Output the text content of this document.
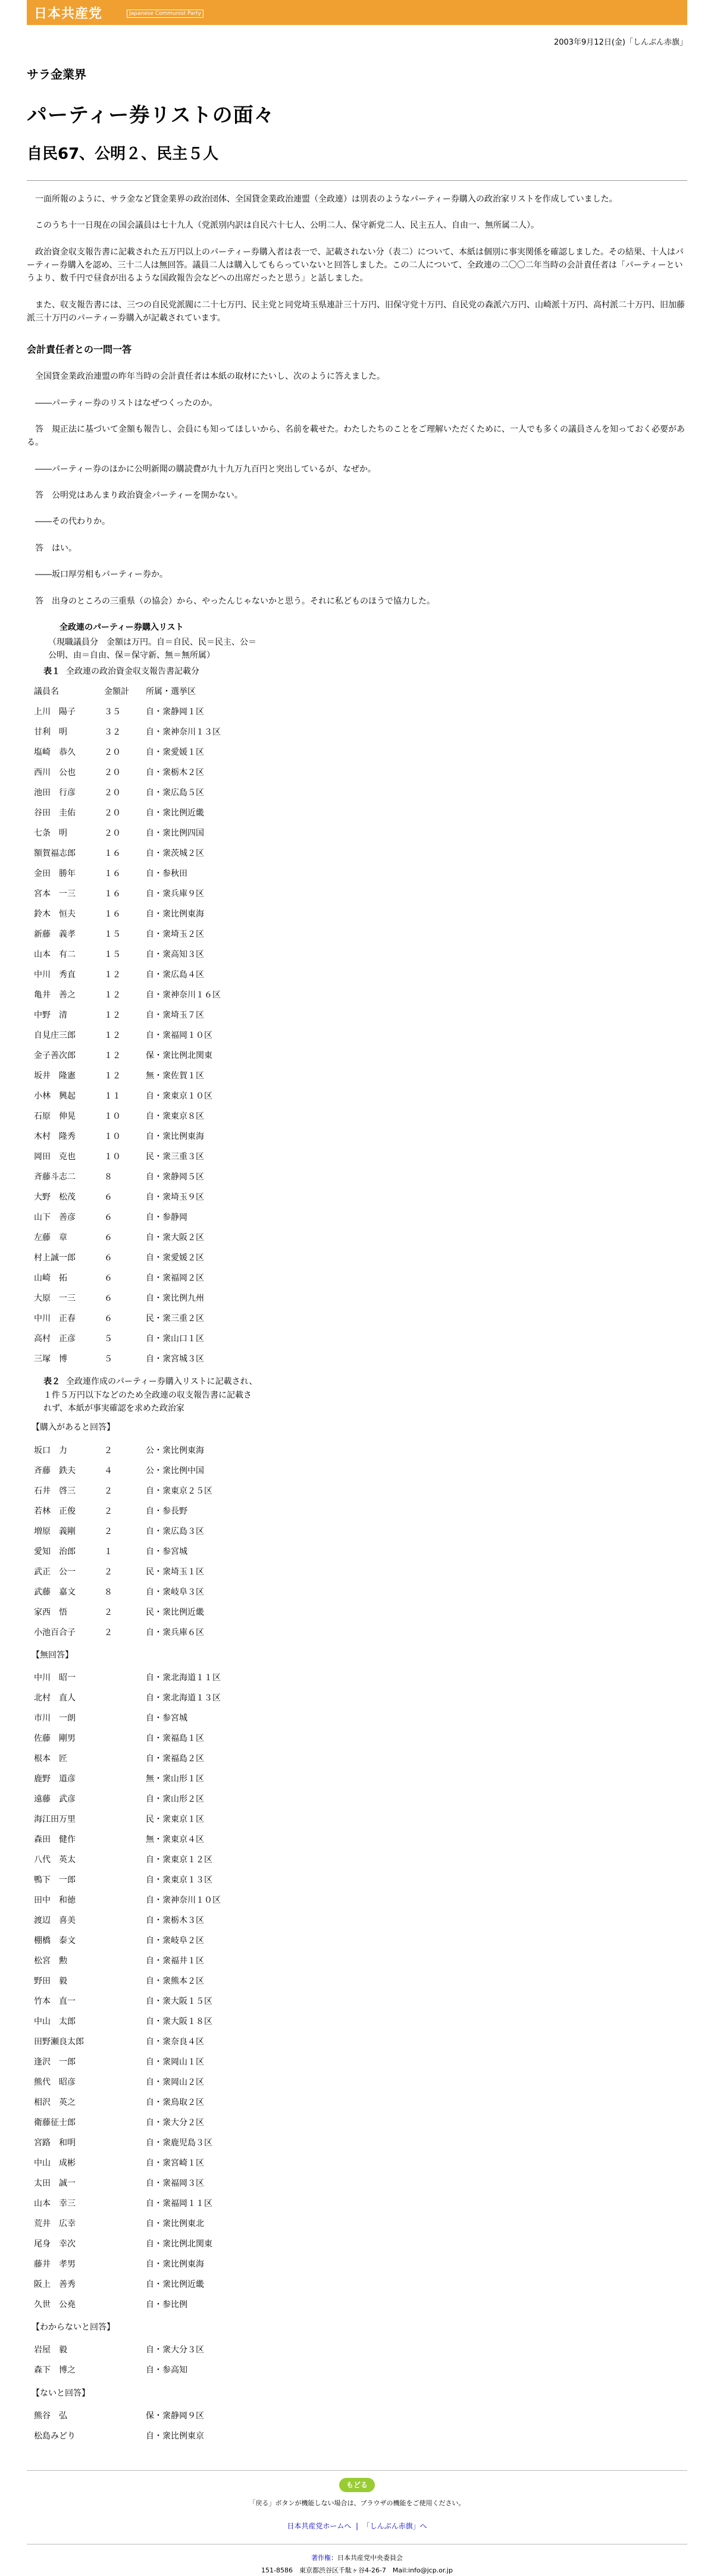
日本共産党	Japanese Communist Party
2003年9月12日(金)「しんぶん赤旗」
サラ金業界
パーティー券リストの面々
自民67、公明２、民主５人

一面所報のように、サラ金など貸金業界の政治団体、全国貸金業政治連盟（全政連）は別表のようなパーティー券購入の政治家リストを作成していました。

このうち十一日現在の国会議員は七十九人（党派別内訳は自民六十七人、公明二人、保守新党二人、民主五人、自由一、無所属二人）。

政治資金収支報告書に記載された五万円以上のパーティー券購入者は表一で、記載されない分（表二）について、本紙は個別に事実関係を確認しました。その結果、十人はパーティー券購入を認め、三十二人は無回答。議員二人は購入してもらっていないと回答しました。この二人について、全政連の二〇〇二年当時の会計責任者は「パーティーというより、数千円で昼食が出るような国政報告会などへの出席だったと思う」と話しました。

また、収支報告書には、三つの自民党派閥に二十七万円、民主党と同党埼玉県連計三十万円、旧保守党十万円、自民党の森派六万円、山崎派十万円、高村派二十万円、旧加藤派三十万円のパーティー券購入が記載されています。

会計責任者との一問一答

全国貸金業政治連盟の昨年当時の会計責任者は本紙の取材にたいし、次のように答えました。

――パーティー券のリストはなぜつくったのか。

答　規正法に基づいて金額も報告し、会員にも知ってほしいから、名前を載せた。わたしたちのことをご理解いただくために、一人でも多くの議員さんを知っておく必要がある。

――パーティー券のほかに公明新聞の購読費が九十九万九百円と突出しているが、なぜか。

答　公明党はあんまり政治資金パーティーを開かない。

――その代わりか。

答　はい。

――坂口厚労相もパーティー券か。

答　出身のところの三重県（の協会）から、やったんじゃないかと思う。それに私どものほうで協力した。

全政連のパーティー券購入リスト
（現職議員分　金額は万円。自＝自民、民＝民主、公＝公明、由＝自由、保＝保守新、無＝無所属）
表１ 全政連の政治資金収支報告書記載分
議員名	金額計	所属・選挙区
上川　陽子	３５	自・衆静岡１区
甘利　明	３２	自・衆神奈川１３区
塩崎　恭久	２０	自・衆愛媛１区
西川　公也	２０	自・衆栃木２区
池田　行彦	２０	自・衆広島５区
谷田　圭佑	２０	自・衆比例近畿
七条　明	２０	自・衆比例四国
額賀福志郎	１６	自・衆茨城２区
金田　勝年	１６	自・参秋田
宮本　一三	１６	自・衆兵庫９区
鈴木　恒夫	１６	自・衆比例東海
新藤　義孝	１５	自・衆埼玉２区
山本　有二	１５	自・衆高知３区
中川　秀直	１２	自・衆広島４区
亀井　善之	１２	自・衆神奈川１６区
中野　清	１２	自・衆埼玉７区
自見庄三郎	１２	自・衆福岡１０区
金子善次郎	１２	保・衆比例北関東
坂井　隆憲	１２	無・衆佐賀１区
小林　興起	１１	自・衆東京１０区
石原　伸晃	１０	自・衆東京８区
木村　隆秀	１０	自・衆比例東海
岡田　克也	１０	民・衆三重３区
斉藤斗志二	８	自・衆静岡５区
大野　松茂	６	自・衆埼玉９区
山下　善彦	６	自・参静岡
左藤　章	６	自・衆大阪２区
村上誠一郎	６	自・衆愛媛２区
山崎　拓	６	自・衆福岡２区
大原　一三	６	自・衆比例九州
中川　正春	６	民・衆三重２区
高村　正彦	５	自・衆山口１区
三塚　博	５	自・衆宮城３区
表２ 全政連作成のパーティー券購入リストに記載され、１件５万円以下などのため全政連の収支報告書に記載されず、本紙が事実確認を求めた政治家
【購入があると回答】
坂口　力	２	公・衆比例東海
斉藤　鉄夫	４	公・衆比例中国
石井　啓三	２	自・衆東京２５区
若林　正俊	２	自・参長野
増原　義剛	２	自・衆広島３区
愛知　治郎	１	自・参宮城
武正　公一	２	民・衆埼玉１区
武藤　嘉文	８	自・衆岐阜３区
家西　悟	２	民・衆比例近畿
小池百合子	２	自・衆兵庫６区
【無回答】
中川　昭一		自・衆北海道１１区
北村　直人		自・衆北海道１３区
市川　一朗		自・参宮城
佐藤　剛男		自・衆福島１区
根本　匠		自・衆福島２区
鹿野　道彦		無・衆山形１区
遠藤　武彦		自・衆山形２区
海江田万里		民・衆東京１区
森田　健作		無・衆東京４区
八代　英太		自・衆東京１２区
鴨下　一郎		自・衆東京１３区
田中　和徳		自・衆神奈川１０区
渡辺　喜美		自・衆栃木３区
棚橋　泰文		自・衆岐阜２区
松宮　勲		自・衆福井１区
野田　毅		自・衆熊本２区
竹本　直一		自・衆大阪１５区
中山　太郎		自・衆大阪１８区
田野瀬良太郎		自・衆奈良４区
逢沢　一郎		自・衆岡山１区
熊代　昭彦		自・衆岡山２区
相沢　英之		自・衆鳥取２区
衛藤征士郎		自・衆大分２区
宮路　和明		自・衆鹿児島３区
中山　成彬		自・衆宮崎１区
太田　誠一		自・衆福岡３区
山本　幸三		自・衆福岡１１区
荒井　広幸		自・衆比例東北
尾身　幸次		自・衆比例北関東
藤井　孝男		自・衆比例東海
阪上　善秀		自・衆比例近畿
久世　公堯		自・参比例
【わからないと回答】
岩屋　毅		自・衆大分３区
森下　博之		自・参高知
【ないと回答】
熊谷　弘		保・衆静岡９区
松島みどり		自・衆比例東京
もどる
「戻る」ボタンが機能しない場合は、ブラウザの機能をご使用ください。
日本共産党ホームへ  |  「しんぶん赤旗」へ
著作権：日本共産党中央委員会
151-8586　東京都渋谷区千駄ヶ谷4-26-7　Mail:info@jcp.or.jp
